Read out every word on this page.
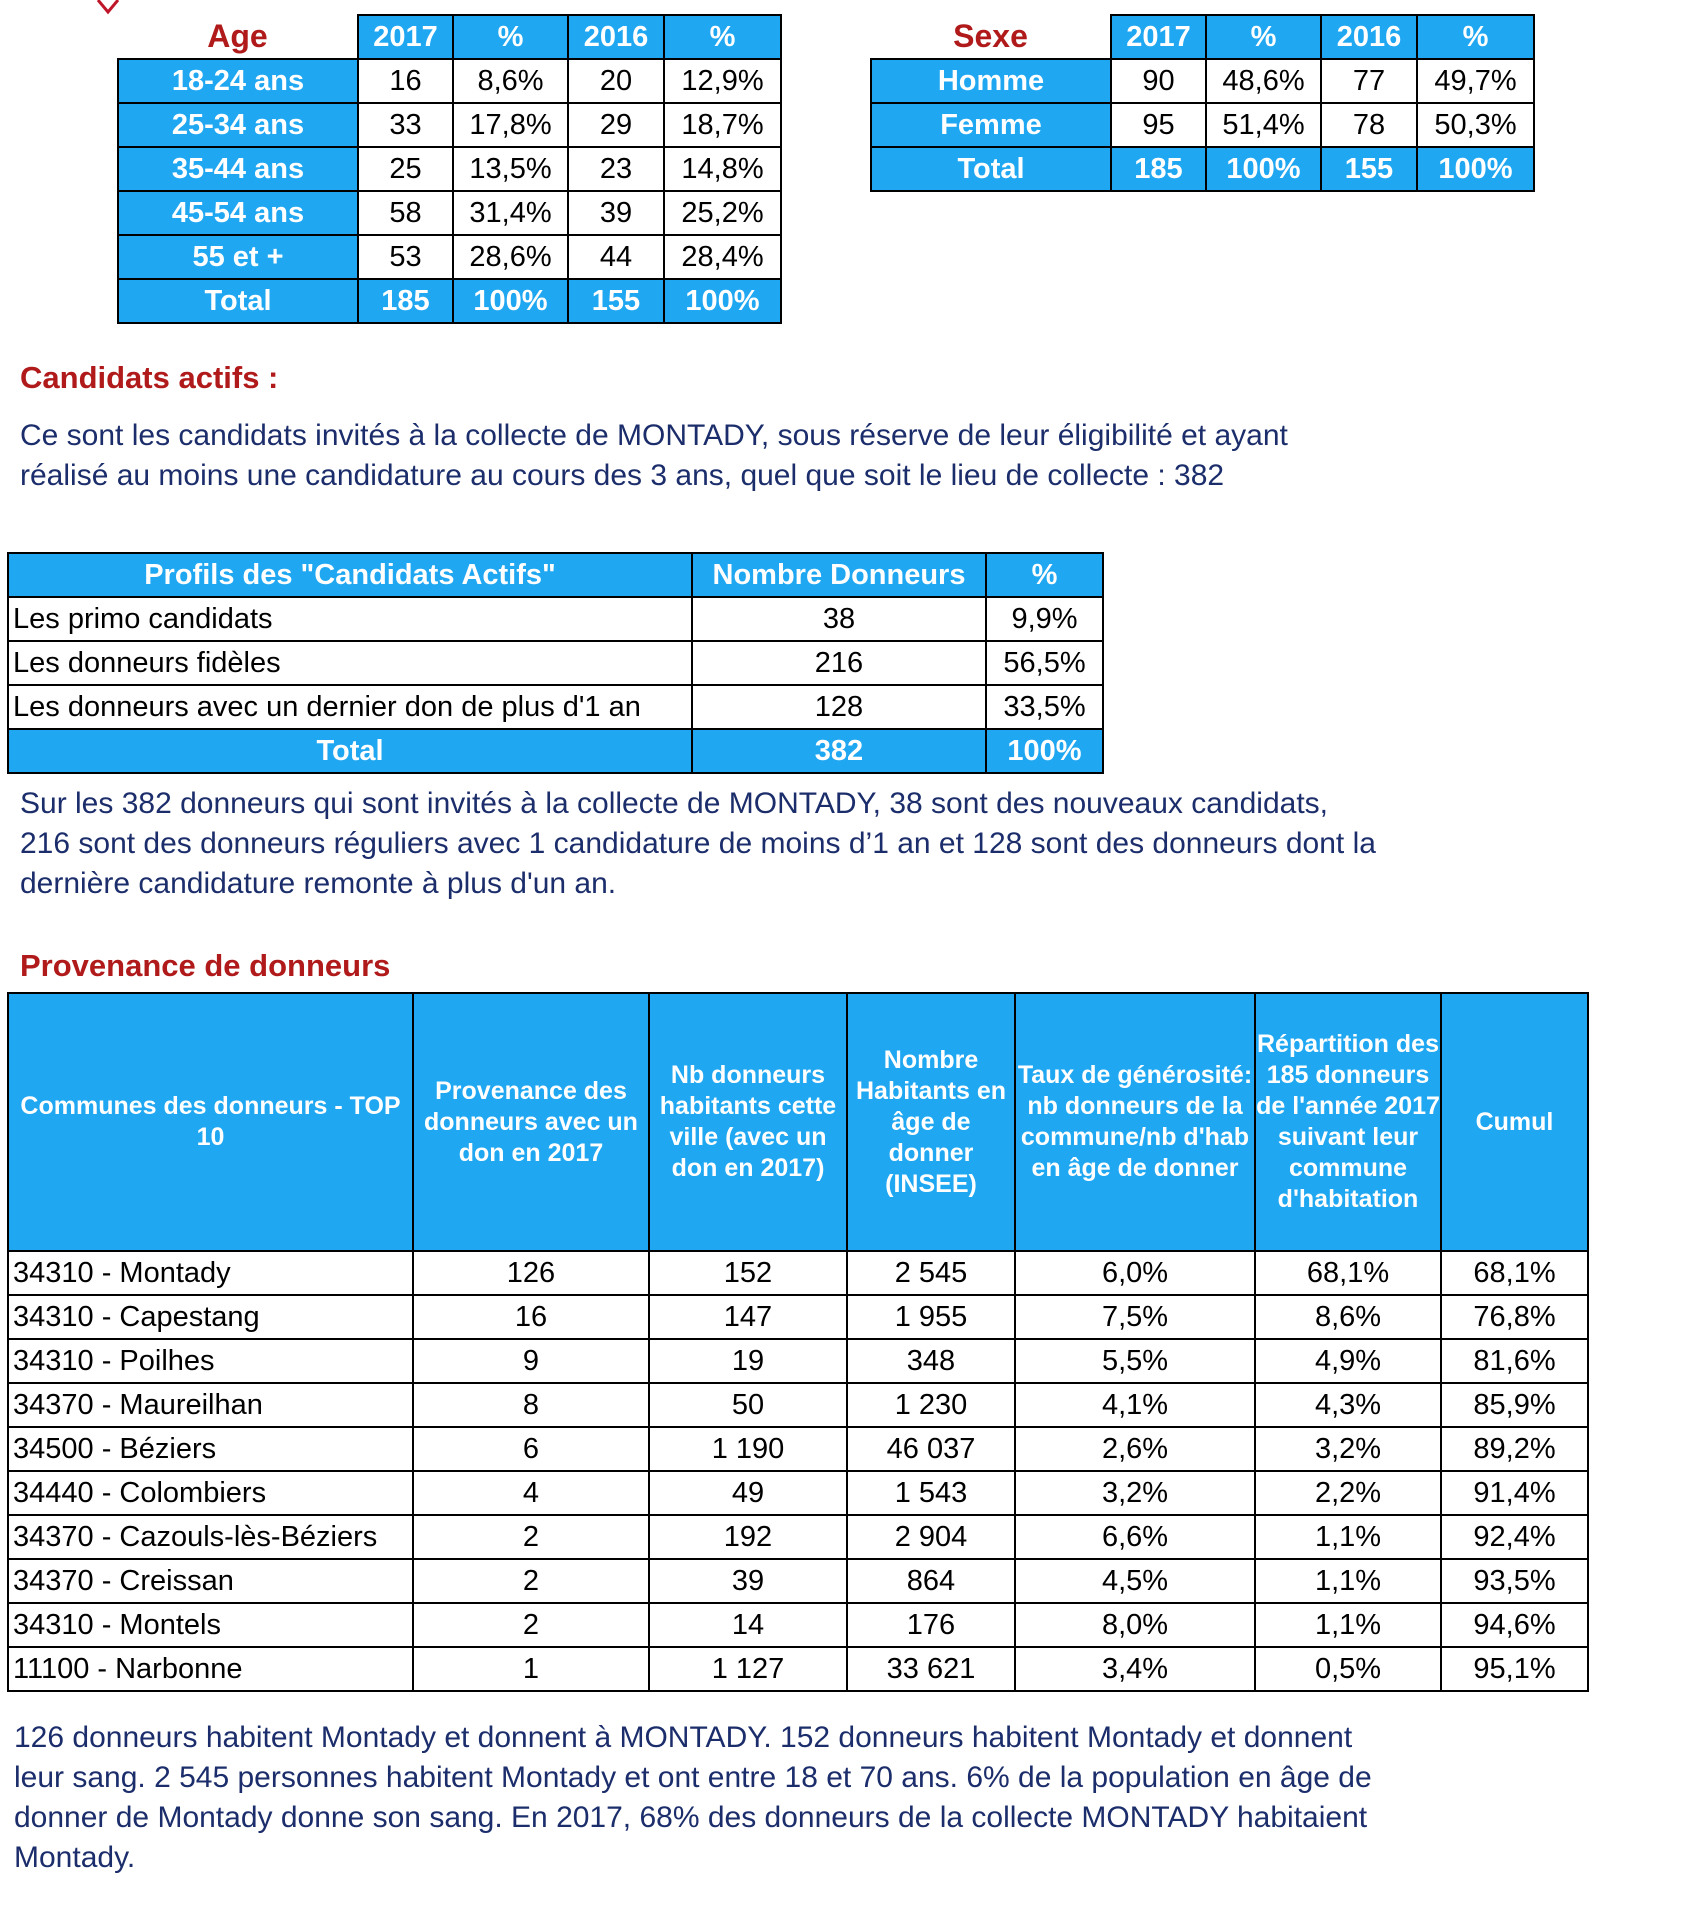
Age	2017	%	2016	%
18-24 ans	16	8,6%	20	12,9%
25-34 ans	33	17,8%	29	18,7%
35-44 ans	25	13,5%	23	14,8%
45-54 ans	58	31,4%	39	25,2%
55 et +	53	28,6%	44	28,4%
Total	185	100%	155	100%
Sexe	2017	%	2016	%
Homme	90	48,6%	77	49,7%
Femme	95	51,4%	78	50,3%
Total	185	100%	155	100%
Candidats actifs :
Ce sont les candidats invités à la collecte de MONTADY, sous réserve de leur éligibilité et ayant réalisé au moins une candidature au cours des 3 ans, quel que soit le lieu de collecte : 382
Profils des "Candidats Actifs"	Nombre Donneurs	%
Les primo candidats	38	9,9%
Les donneurs fidèles	216	56,5%
Les donneurs avec un dernier don de plus d'1 an	128	33,5%
Total	382	100%
Sur les 382 donneurs qui sont invités à la collecte de MONTADY, 38 sont des nouveaux candidats, 216 sont des donneurs réguliers avec 1 candidature de moins d’1 an et 128 sont des donneurs dont la dernière candidature remonte à plus d'un an.
Provenance de donneurs
Communes des donneurs - TOP 10	Provenance des donneurs avec un don en 2017	Nb donneurs habitants cette ville (avec un don en 2017)	Nombre Habitants en âge de donner (INSEE)	Taux de générosité: nb donneurs de la commune/nb d'hab en âge de donner	Répartition des 185 donneurs de l'année 2017 suivant leur commune d'habitation	Cumul
34310 - Montady	126	152	2 545	6,0%	68,1%	68,1%
34310 - Capestang	16	147	1 955	7,5%	8,6%	76,8%
34310 - Poilhes	9	19	348	5,5%	4,9%	81,6%
34370 - Maureilhan	8	50	1 230	4,1%	4,3%	85,9%
34500 - Béziers	6	1 190	46 037	2,6%	3,2%	89,2%
34440 - Colombiers	4	49	1 543	3,2%	2,2%	91,4%
34370 - Cazouls-lès-Béziers	2	192	2 904	6,6%	1,1%	92,4%
34370 - Creissan	2	39	864	4,5%	1,1%	93,5%
34310 - Montels	2	14	176	8,0%	1,1%	94,6%
11100 - Narbonne	1	1 127	33 621	3,4%	0,5%	95,1%
126 donneurs habitent Montady et donnent à MONTADY. 152 donneurs habitent Montady et donnent leur sang. 2 545 personnes habitent Montady et ont entre 18 et 70 ans. 6% de la population en âge de donner de Montady donne son sang. En 2017, 68% des donneurs de la collecte MONTADY habitaient Montady.
